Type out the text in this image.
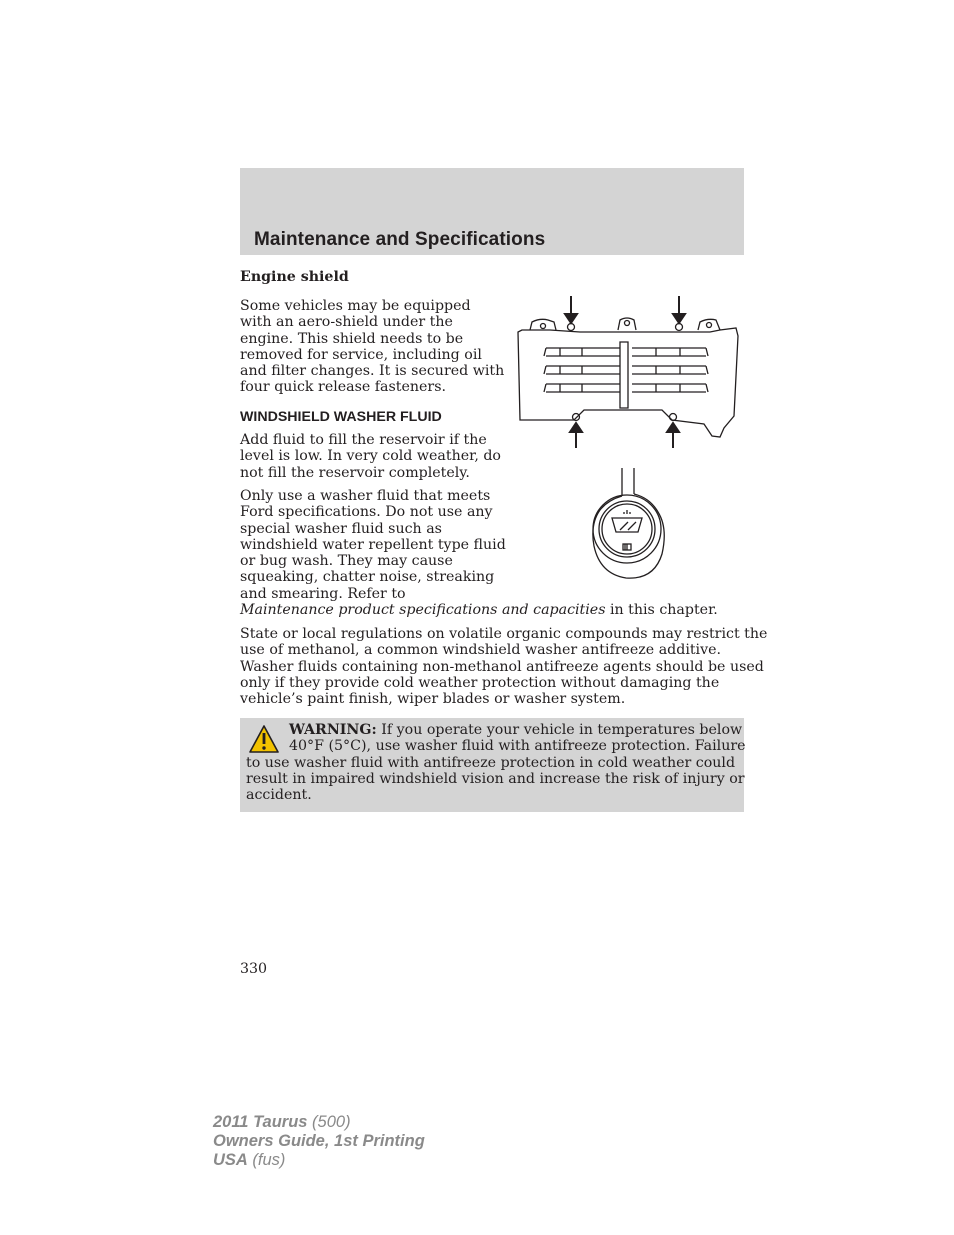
Maintenance and Specifications
Engine shield

Some vehicles may be equipped
with an aero-shield under the
engine. This shield needs to be
removed for service, including oil
and filter changes. It is secured with
four quick release fasteners.

WINDSHIELD WASHER FLUID

Add fluid to fill the reservoir if the
level is low. In very cold weather, do
not fill the reservoir completely.

Only use a washer fluid that meets
Ford specifications. Do not use any
special washer fluid such as
windshield water repellent type fluid
or bug wash. They may cause
squeaking, chatter noise, streaking
and smearing. Refer to
Maintenance product specifications and capacities in this chapter.

State or local regulations on volatile organic compounds may restrict the
use of methanol, a common windshield washer antifreeze additive.
Washer fluids containing non-methanol antifreeze agents should be used
only if they provide cold weather protection without damaging the
vehicle’s paint finish, wiper blades or washer system.

WARNING: If you operate your vehicle in temperatures below
40°F (5°C), use washer fluid with antifreeze protection. Failure
to use washer fluid with antifreeze protection in cold weather could
result in impaired windshield vision and increase the risk of injury or
accident.

330

2011 Taurus (500)
Owners Guide, 1st Printing
USA (fus)
